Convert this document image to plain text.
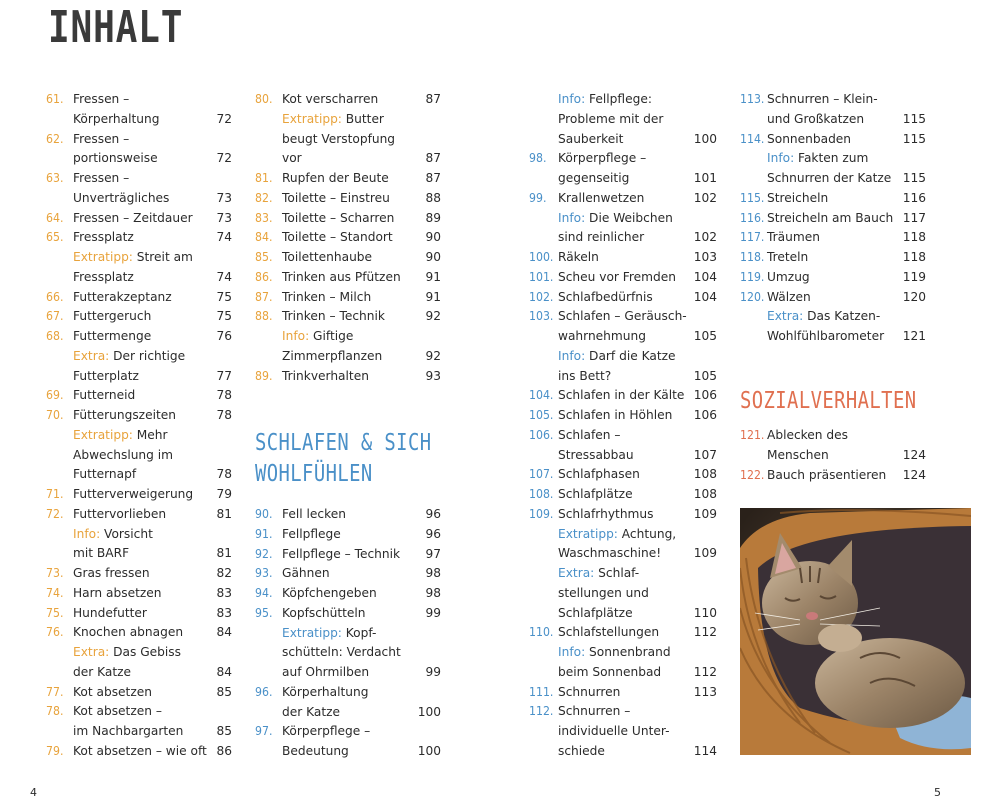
INHALT
61. Fressen –
Körperhaltung	72
62. Fressen –
portionsweise	72
63. Fressen –
Unverträgliches	73
64. Fressen – Zeitdauer 73
65. Fressplatz	74
Extratipp: Streit am
Fressplatz	74
66. Futterakzeptanz	75
67. Futtergeruch	75
68. Futtermenge	76
Extra: Der richtige
Futterplatz	77
69. Futterneid	78
70. Fütterungszeiten	78
Extratipp: Mehr
Abwechslung im
Futternapf	78
71. Futterverweigerung 79
72. Futtervorlieben	81
Info: Vorsicht
mit BARF	81
73. Gras fressen	82
74. Harn absetzen	83
75. Hundefutter	83
76. Knochen abnagen	84
Extra: Das Gebiss
der Katze	84
77. Kot absetzen	85
78. Kot absetzen –
im Nachbargarten	85
79. Kot absetzen – wie oft 86
80. Kot verscharren	87
Extratipp: Butter
beugt Verstopfung
vor	87
81. Rupfen der Beute	87
82. Toilette – Einstreu	88
83. Toilette – Scharren	89
84. Toilette – Standort	90
85. Toilettenhaube	90
86. Trinken aus Pfützen 91
87. Trinken – Milch	91
88. Trinken – Technik	92
Info: Giftige
Zimmerpflanzen	92
89. Trinkverhalten	93
SCHLAFEN & SICH
WOHLFÜHLEN
90. Fell lecken	96
91. Fellpflege	96
92. Fellpflege – Technik 97
93. Gähnen	98
94. Köpfchengeben	98
95. Kopfschütteln	99
Extratipp: Kopf-
schütteln: Verdacht
auf Ohrmilben	99
96. Körperhaltung
der Katze	100
97. Körperpflege –
Bedeutung	100
Info: Fellpflege:
Probleme mit der
Sauberkeit	100
98. Körperpflege –
gegenseitig	101
99. Krallenwetzen	102
Info: Die Weibchen
sind reinlicher	102
100. Räkeln	103
101. Scheu vor Fremden 104
102. Schlafbedürfnis	104
103. Schlafen – Geräusch-
wahrnehmung	105
Info: Darf die Katze
ins Bett?	105
104. Schlafen in der Kälte 106
105. Schlafen in Höhlen 106
106. Schlafen –
Stressabbau	107
107. Schlafphasen	108
108. Schlafplätze	108
109. Schlafrhythmus	109
Extratipp: Achtung,
Waschmaschine!	109
Extra: Schlaf-
stellungen und
Schlafplätze	110
110. Schlafstellungen	112
Info: Sonnenbrand
beim Sonnenbad	112
111. Schnurren	113
112. Schnurren –
individuelle Unter-
schiede	114
113. Schnurren – Klein-
und Großkatzen	115
114. Sonnenbaden	115
Info: Fakten zum
Schnurren der Katze 115
115. Streicheln	116
116. Streicheln am Bauch 117
117. Träumen	118
118. Treteln	118
119. Umzug	119
120. Wälzen	120
Extra: Das Katzen-
Wohlfühlbarometer 121
SOZIALVERHALTEN
121. Ablecken des
Menschen	124
122. Bauch präsentieren 124
4	5
